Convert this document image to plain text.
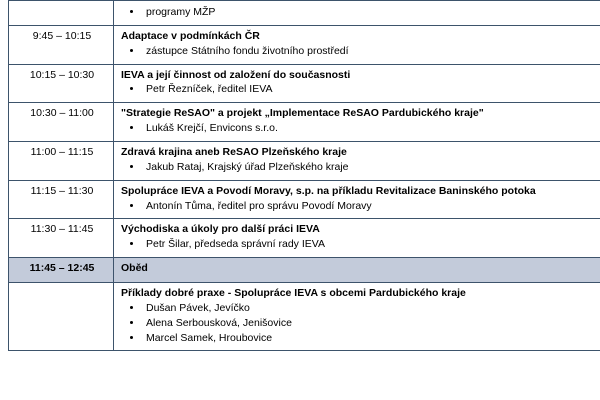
• programy MŽP

9:45 – 10:15	Adaptace v podmínkách ČR
• zástupce Státního fondu životního prostředí

10:15 – 10:30	IEVA a její činnost od založení do současnosti
• Petr Řezníček, ředitel IEVA

10:30 – 11:00	"Strategie ReSAO" a projekt „Implementace ReSAO Pardubického kraje"
• Lukáš Krejčí, Envicons s.r.o.

11:00 – 11:15	Zdravá krajina aneb ReSAO Plzeňského kraje
• Jakub Rataj, Krajský úřad Plzeňského kraje

11:15 – 11:30	Spolupráce IEVA a Povodí Moravy, s.p. na příkladu Revitalizace Baninského potoka
• Antonín Tůma, ředitel pro správu Povodí Moravy

11:30 – 11:45	Východiska a úkoly pro další práci IEVA
• Petr Šilar, předseda správní rady IEVA

11:45 – 12:45	Oběd

Příklady dobré praxe - Spolupráce IEVA s obcemi Pardubického kraje
• Dušan Pávek, Jevíčko
• Alena Serbousková, Jenišovice
• Marcel Samek, Hroubovice
